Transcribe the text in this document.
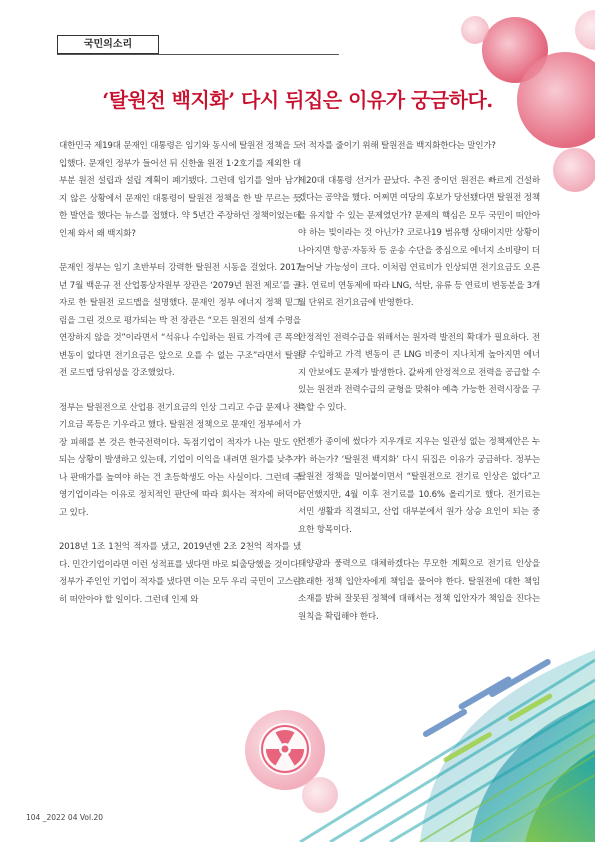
국민의소리
‘탈원전 백지화’ 다시 뒤집은 이유가 궁금하다.

대한민국 제19대 문재인 대통령은 임기와 동시에 탈원전 정책을 도입했다. 문재인 정부가 들어선 뒤 신한울 원전 1·2호기를 제외한 대부분 원전 설립과 설립 계획이 폐기됐다. 그런데 임기를 얼마 남기지 않은 상황에서 문재인 대통령이 탈원전 정책을 한 발 무르는 듯한 발언을 했다는 뉴스를 접했다. 약 5년간 주장하던 정책이었는데 인제 와서 왜 백지화?

문재인 정부는 임기 초반부터 강력한 탈원전 시동을 걸었다. 2017년 7월 백운규 전 산업통상자원부 장관은 ‘2079년 원전 제로’를 골자로 한 탈원전 로드맵을 설명했다. 문재인 정부 에너지 정책 밑그림을 그린 것으로 평가되는 박 전 장관은 “모든 원전의 설계 수명을 연장하지 않을 것”이라면서 “석유나 수입하는 원료 가격에 큰 폭의 변동이 없다면 전기요금은 앞으로 오를 수 없는 구조”라면서 탈원전 로드맵 당위성을 강조했었다.

정부는 탈원전으로 산업용 전기요금의 인상 그리고 수급 문제나 전기요금 폭등은 기우라고 했다. 탈원전 정책으로 문재인 정부에서 가장 피해를 본 것은 한국전력이다. 독점기업이 적자가 나는 말도 안 되는 상황이 발생하고 있는데, 기업이 이익을 내려면 원가를 낮추거나 판매가를 높여야 하는 건 초등학생도 아는 사실이다. 그런데 국영기업이라는 이유로 정치적인 판단에 따라 회사는 적자에 허덕이고 있다.

2018년 1조 1천억 적자를 냈고, 2019년엔 2조 2천억 적자를 냈다. 민간기업이라면 이런 성적표를 냈다면 바로 퇴출당했을 것이다. 정부가 주인인 기업이 적자를 냈다면 이는 모두 우리 국민이 고스란히 떠안아야 할 일이다. 그런데 인제 와

서 적자를 줄이기 위해 탈원전을 백지화한다는 말인가?

제20대 대통령 선거가 끝났다. 추진 중이던 원전은 빠르게 건설하겠다는 공약을 했다. 어쩌면 여당의 후보가 당선됐다면 탈원전 정책을 유지할 수 있는 문제였던가? 문제의 핵심은 모두 국민이 떠안아야 하는 빚이라는 것 아닌가? 코로나19 범유행 상태이지만 상황이 나아지면 항공·자동차 등 운송 수단을 중심으로 에너지 소비량이 더 늘어날 가능성이 크다. 이처럼 연료비가 인상되면 전기요금도 오른다. 연료비 연동제에 따라 LNG, 석탄, 유류 등 연료비 변동분을 3개월 단위로 전기요금에 반영한다.

안정적인 전력수급을 위해서는 원자력 발전의 확대가 필요하다. 전량 수입하고 가격 변동이 큰 LNG 비중이 지나치게 높아지면 에너지 안보에도 문제가 발생한다. 값싸게 안정적으로 전력을 공급할 수 있는 원전과 전력수급의 균형을 맞춰야 예측 가능한 전력시장을 구축할 수 있다.

언젠가 종이에 썼다가 지우개로 지우는 일관성 없는 정책제안은 누가 하는가? ‘탈원전 백지화’ 다시 뒤집은 이유가 궁금하다. 정부는 탈원전 정책을 밀어붙이면서 “탈원전으로 전기료 인상은 없다”고 공언했지만, 4월 이후 전기료를 10.6% 올리기로 했다. 전기료는 서민 생활과 직결되고, 산업 대부분에서 원가 상승 요인이 되는 중요한 항목이다.

태양광과 풍력으로 대체하겠다는 무모한 계획으로 전기료 인상을 초래한 정책 입안자에게 책임을 물어야 한다. 탈원전에 대한 책임 소재를 밝혀 잘못된 정책에 대해서는 정책 입안자가 책임을 진다는 원칙을 확립해야 한다.

104 _2022 04 Vol.20
